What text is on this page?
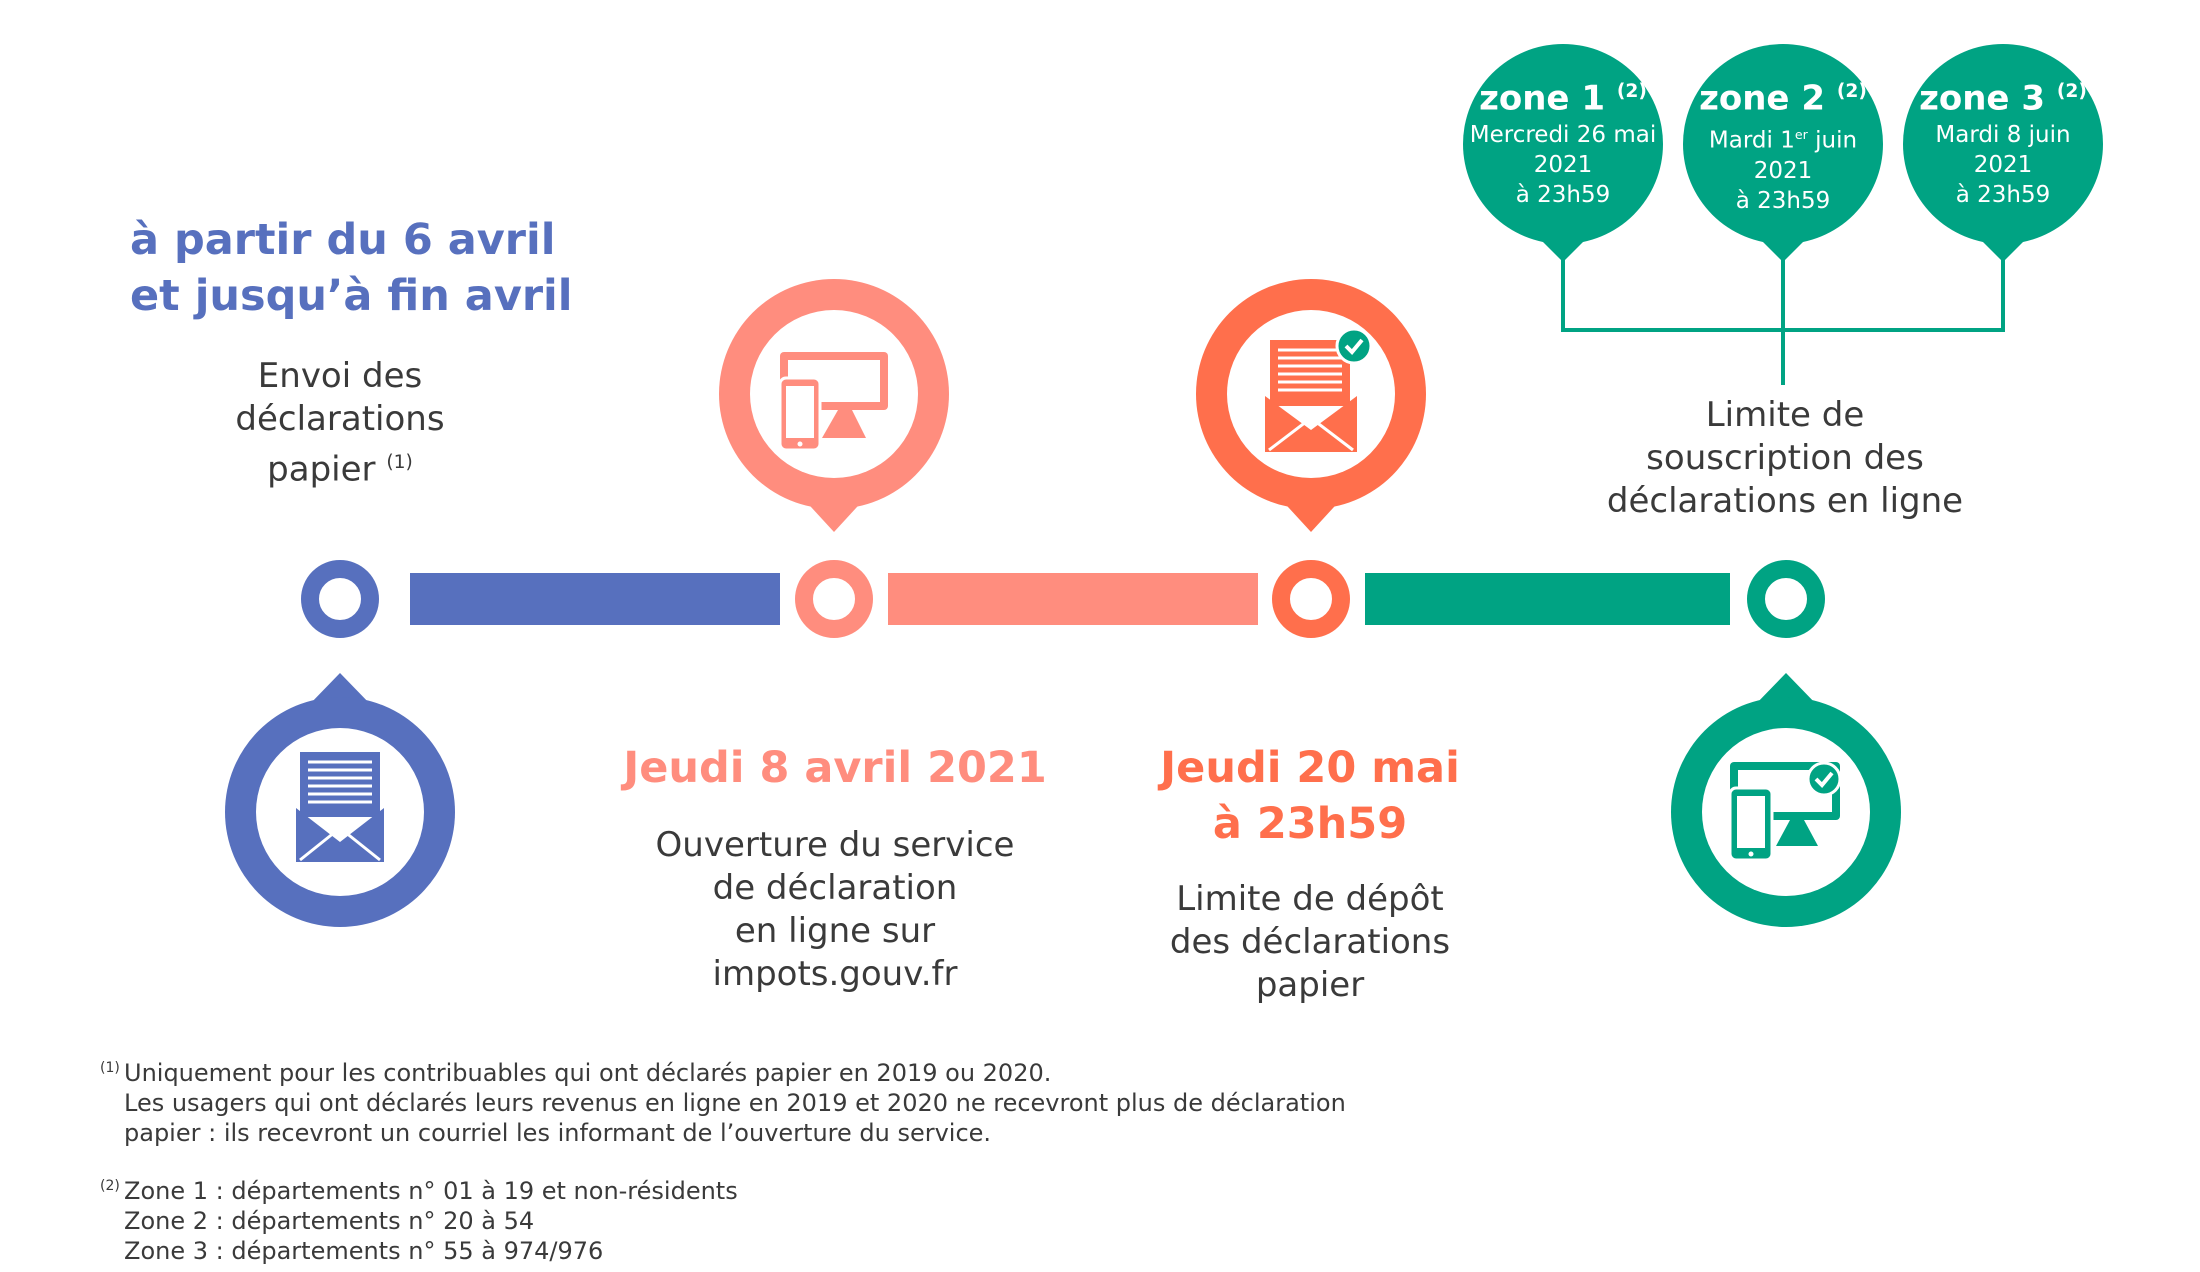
à partir du 6 avril
et jusqu’à fin avril
Envoi des
déclarations
papier $^{(1)}$
Jeudi 8 avril 2021
Ouverture du service
de déclaration
en ligne sur
impots.gouv.fr
Jeudi 20 mai
à 23h59
Limite de dépôt
des déclarations
papier
Limite de
souscription des
déclarations en ligne
zone 1 $^{(2)}$
Mercredi 26 mai
2021
à 23h59
zone 2 $^{(2)}$
Mardi 1er juin
2021
à 23h59
zone 3 $^{(2)}$
Mardi 8 juin
2021
à 23h59
(1) Uniquement pour les contribuables qui ont déclarés papier en 2019 ou 2020.
Les usagers qui ont déclarés leurs revenus en ligne en 2019 et 2020 ne recevront plus de déclaration
papier : ils recevront un courriel les informant de l’ouverture du service.
(2) Zone 1 : départements n° 01 à 19 et non-résidents
Zone 2 : départements n° 20 à 54
Zone 3 : départements n° 55 à 974/976
